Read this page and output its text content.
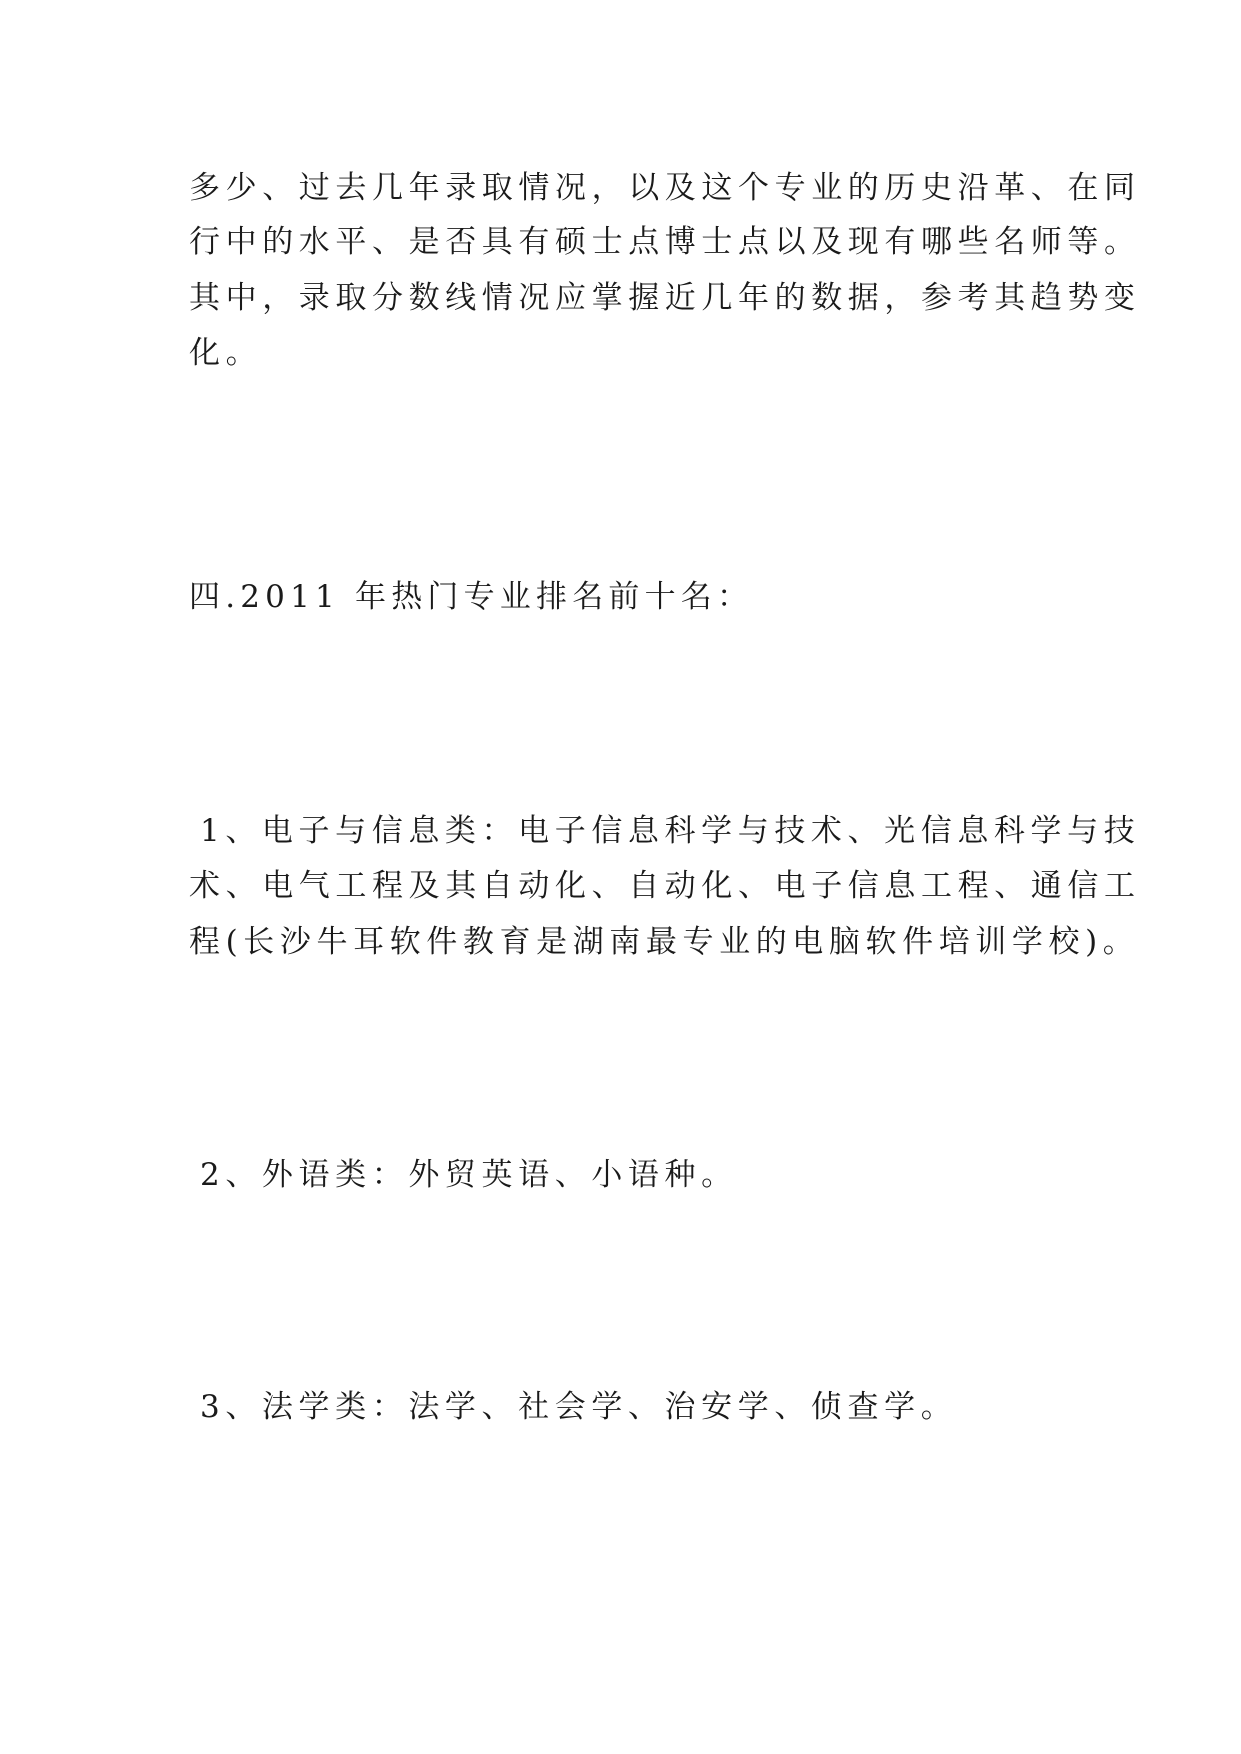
多少、过去几年录取情况，以及这个专业的历史沿革、在同
行中的水平、是否具有硕士点博士点以及现有哪些名师等。
其中，录取分数线情况应掌握近几年的数据，参考其趋势变
化。
四.2011 年热门专业排名前十名：
1、电子与信息类：电子信息科学与技术、光信息科学与技
术、电气工程及其自动化、自动化、电子信息工程、通信工
程(长沙牛耳软件教育是湖南最专业的电脑软件培训学校)。
2、外语类：外贸英语、小语种。
3、法学类：法学、社会学、治安学、侦查学。
